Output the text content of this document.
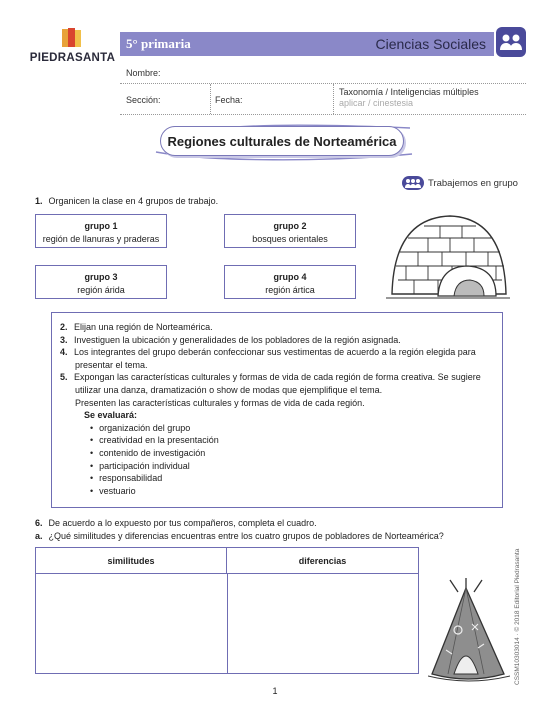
PIEDRASANTA
5° primaria	Ciencias Sociales
Nombre:
Sección:	Fecha:
Taxonomía / Inteligencias múltiples
aplicar / cinestesia
Regiones culturales de Norteamérica
Trabajemos en grupo
1. Organicen la clase en 4 grupos de trabajo.
grupo 1
región de llanuras y praderas
grupo 2
bosques orientales
grupo 3
región árida
grupo 4
región ártica
2. Elijan una región de Norteamérica.
3. Investiguen la ubicación y generalidades de los pobladores de la región asignada.
4. Los integrantes del grupo deberán confeccionar sus vestimentas de acuerdo a la región elegida para
presentar el tema.
5. Expongan las características culturales y formas de vida de cada región de forma creativa. Se sugiere
utilizar una danza, dramatización o show de modas que ejemplifique el tema.
Presenten las características culturales y formas de vida de cada región.
Se evaluará:
• organización del grupo
• creatividad en la presentación
• contenido de investigación
• participación individual
• responsabilidad
• vestuario
6. De acuerdo a lo expuesto por tus compañeros, completa el cuadro.
a. ¿Qué similitudes y diferencias encuentras entre los cuatro grupos de pobladores de Norteamérica?
similitudes	diferencias	CSSM10303014 · © 2018 Editorial Piedrasanta
1
